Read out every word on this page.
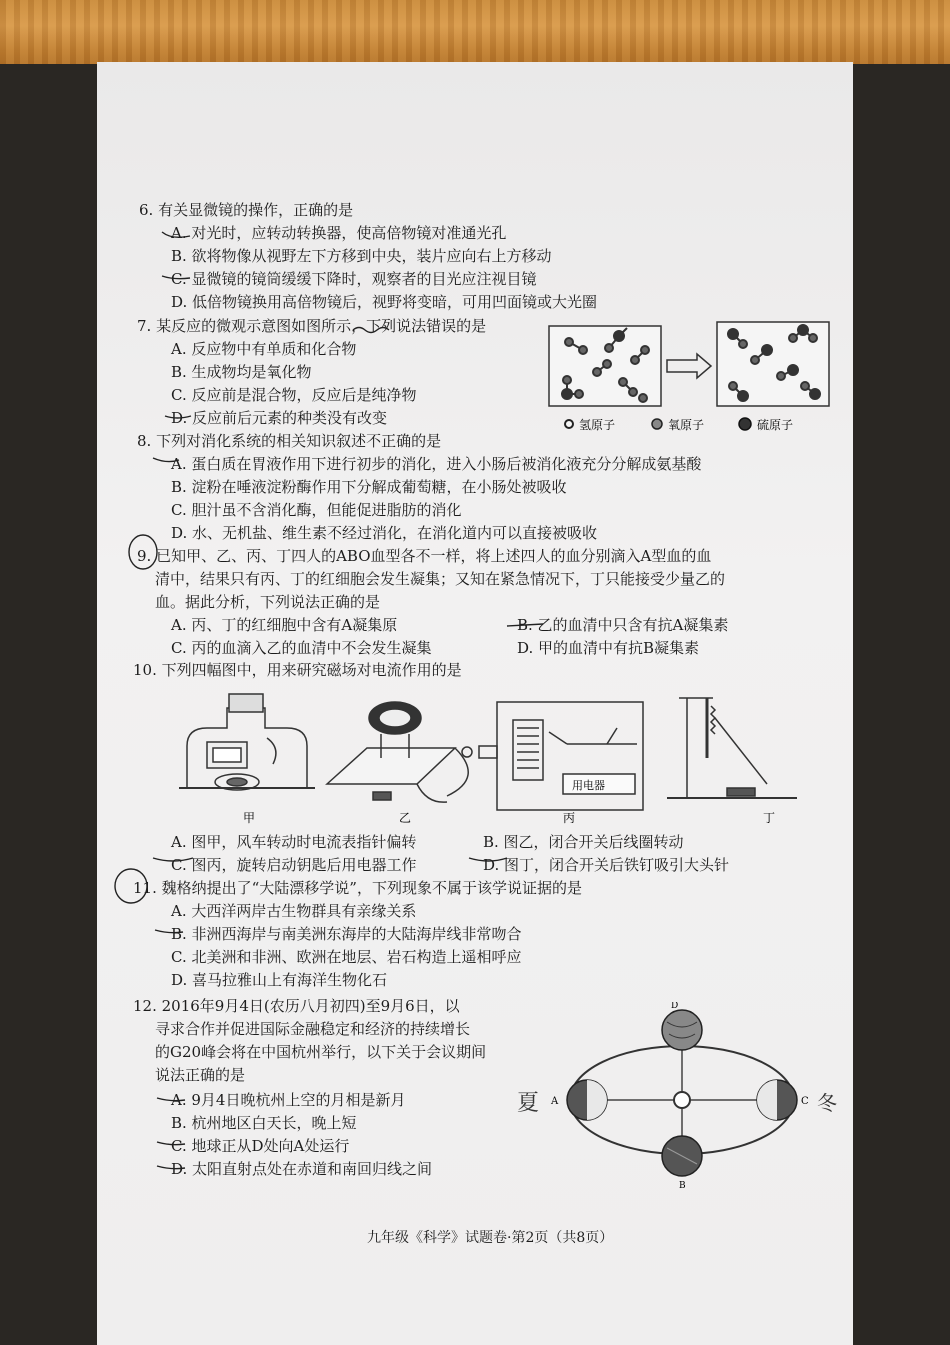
6. 有关显微镜的操作，正确的是
A. 对光时，应转动转换器，使高倍物镜对准通光孔
B. 欲将物像从视野左下方移到中央，装片应向右上方移动
C. 显微镜的镜筒缓缓下降时，观察者的目光应注视目镜
D. 低倍物镜换用高倍物镜后，视野将变暗，可用凹面镜或大光圈
7. 某反应的微观示意图如图所示，下列说法错误的是
A. 反应物中有单质和化合物
B. 生成物均是氧化物
C. 反应前是混合物，反应后是纯净物
D. 反应前后元素的种类没有改变	氢原子	氧原子	硫原子
8. 下列对消化系统的相关知识叙述不正确的是
A. 蛋白质在胃液作用下进行初步的消化，进入小肠后被消化液充分分解成氨基酸
B. 淀粉在唾液淀粉酶作用下分解成葡萄糖，在小肠处被吸收
C. 胆汁虽不含消化酶，但能促进脂肪的消化
D. 水、无机盐、维生素不经过消化，在消化道内可以直接被吸收
9. 已知甲、乙、丙、丁四人的ABO血型各不一样，将上述四人的血分别滴入A型血的血
清中，结果只有丙、丁的红细胞会发生凝集；又知在紧急情况下，丁只能接受少量乙的
血。据此分析，下列说法正确的是
A. 丙、丁的红细胞中含有A凝集原	B. 乙的血清中只含有抗A凝集素
C. 丙的血滴入乙的血清中不会发生凝集	D. 甲的血清中有抗B凝集素
10. 下列四幅图中，用来研究磁场对电流作用的是
甲	乙
用电器
丙	丁
A. 图甲，风车转动时电流表指针偏转	B. 图乙，闭合开关后线圈转动
C. 图丙，旋转启动钥匙后用电器工作	D. 图丁，闭合开关后铁钉吸引大头针
11. 魏格纳提出了“大陆漂移学说”，下列现象不属于该学说证据的是
A. 大西洋两岸古生物群具有亲缘关系
B. 非洲西海岸与南美洲东海岸的大陆海岸线非常吻合
C. 北美洲和非洲、欧洲在地层、岩石构造上遥相呼应
D. 喜马拉雅山上有海洋生物化石
12. 2016年9月4日(农历八月初四)至9月6日，以
寻求合作并促进国际金融稳定和经济的持续增长
的G20峰会将在中国杭州举行，以下关于会议期间
说法正确的是
A. 9月4日晚杭州上空的月相是新月
B. 杭州地区白天长，晚上短
C. 地球正从D处向A处运行
D. 太阳直射点处在赤道和南回归线之间
A
B
C
D
夏	冬
九年级《科学》试题卷·第2页（共8页）
